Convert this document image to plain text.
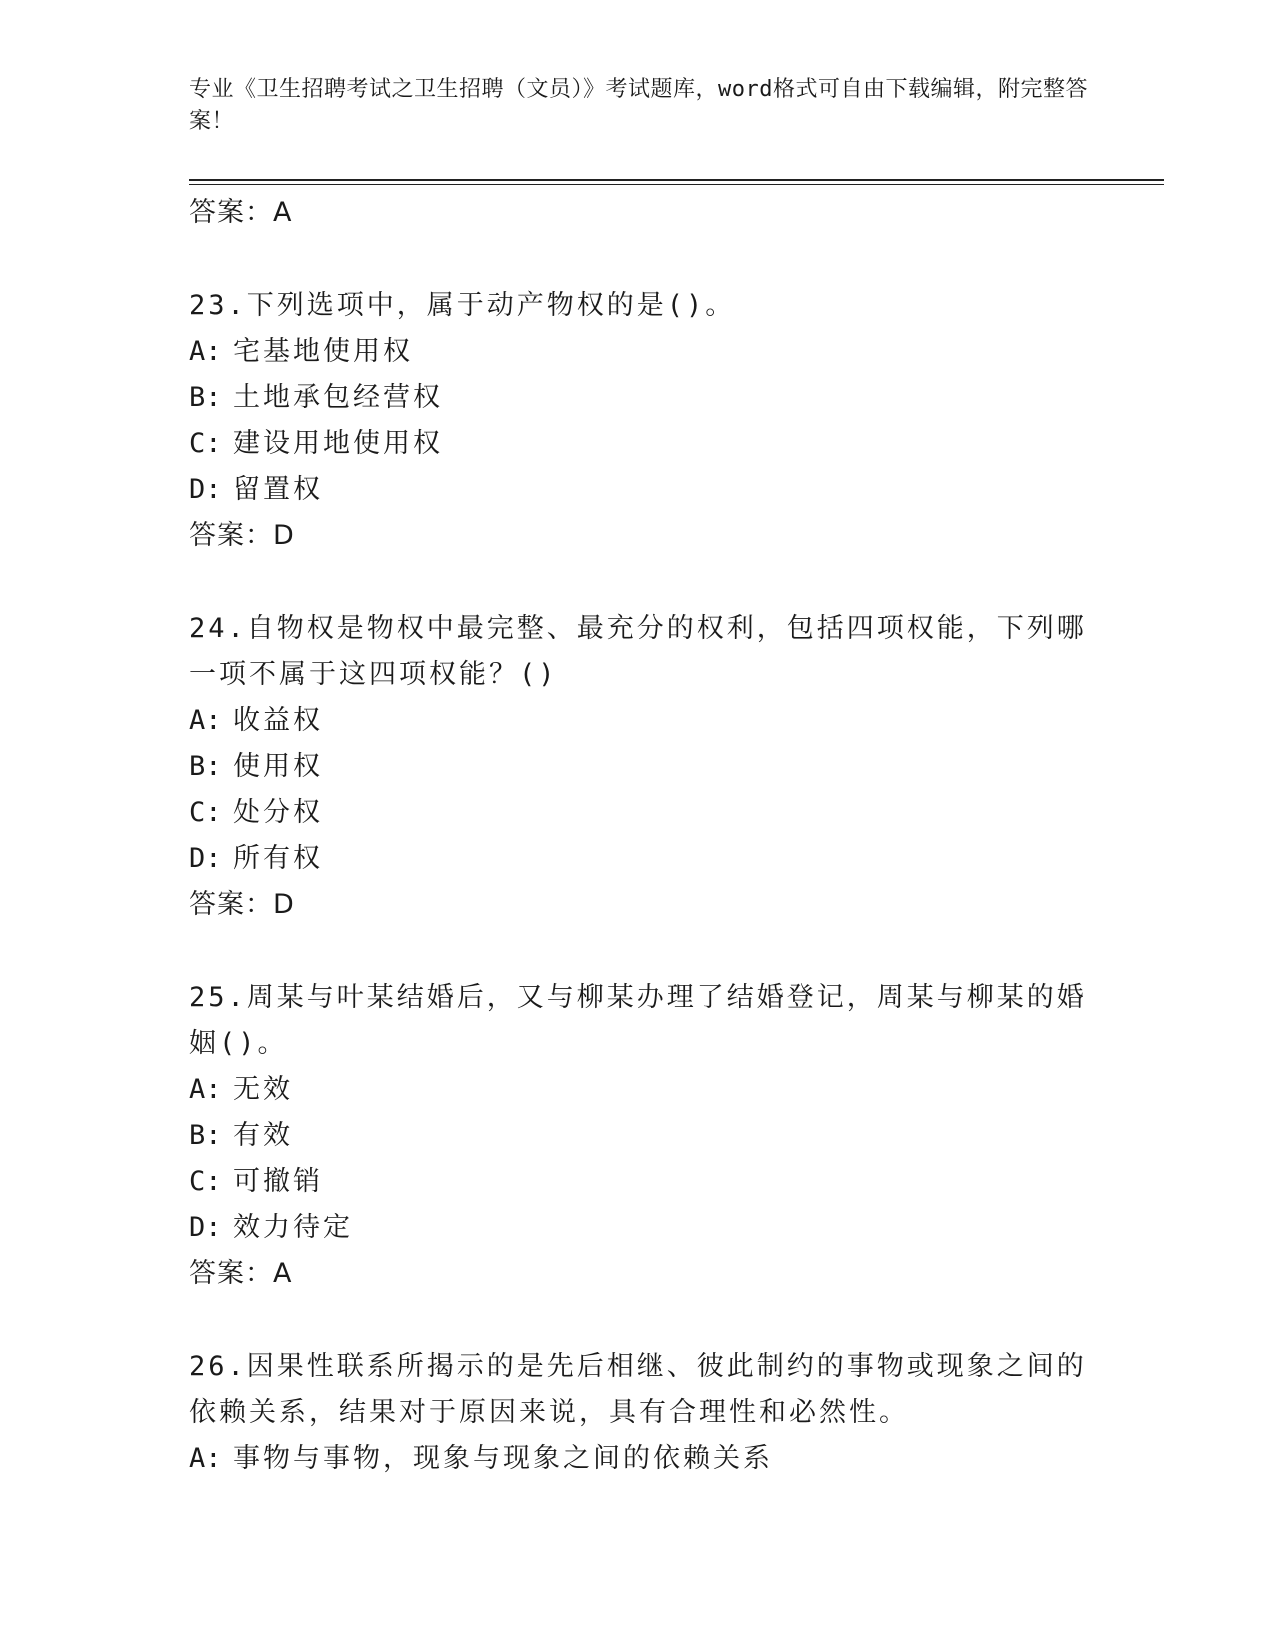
专业《卫生招聘考试之卫生招聘（文员）》考试题库，word格式可自由下载编辑，附完整答案！

答案：A

23.下列选项中，属于动产物权的是()。

A: 宅基地使用权

B: 土地承包经营权

C: 建设用地使用权

D: 留置权

答案：D

24.自物权是物权中最完整、最充分的权利，包括四项权能，下列哪一项不属于这四项权能？()

A: 收益权

B: 使用权

C: 处分权

D: 所有权

答案：D

25.周某与叶某结婚后，又与柳某办理了结婚登记，周某与柳某的婚姻()。

A: 无效

B: 有效

C: 可撤销

D: 效力待定

答案：A

26.因果性联系所揭示的是先后相继、彼此制约的事物或现象之间的依赖关系，结果对于原因来说，具有合理性和必然性。

A: 事物与事物，现象与现象之间的依赖关系
